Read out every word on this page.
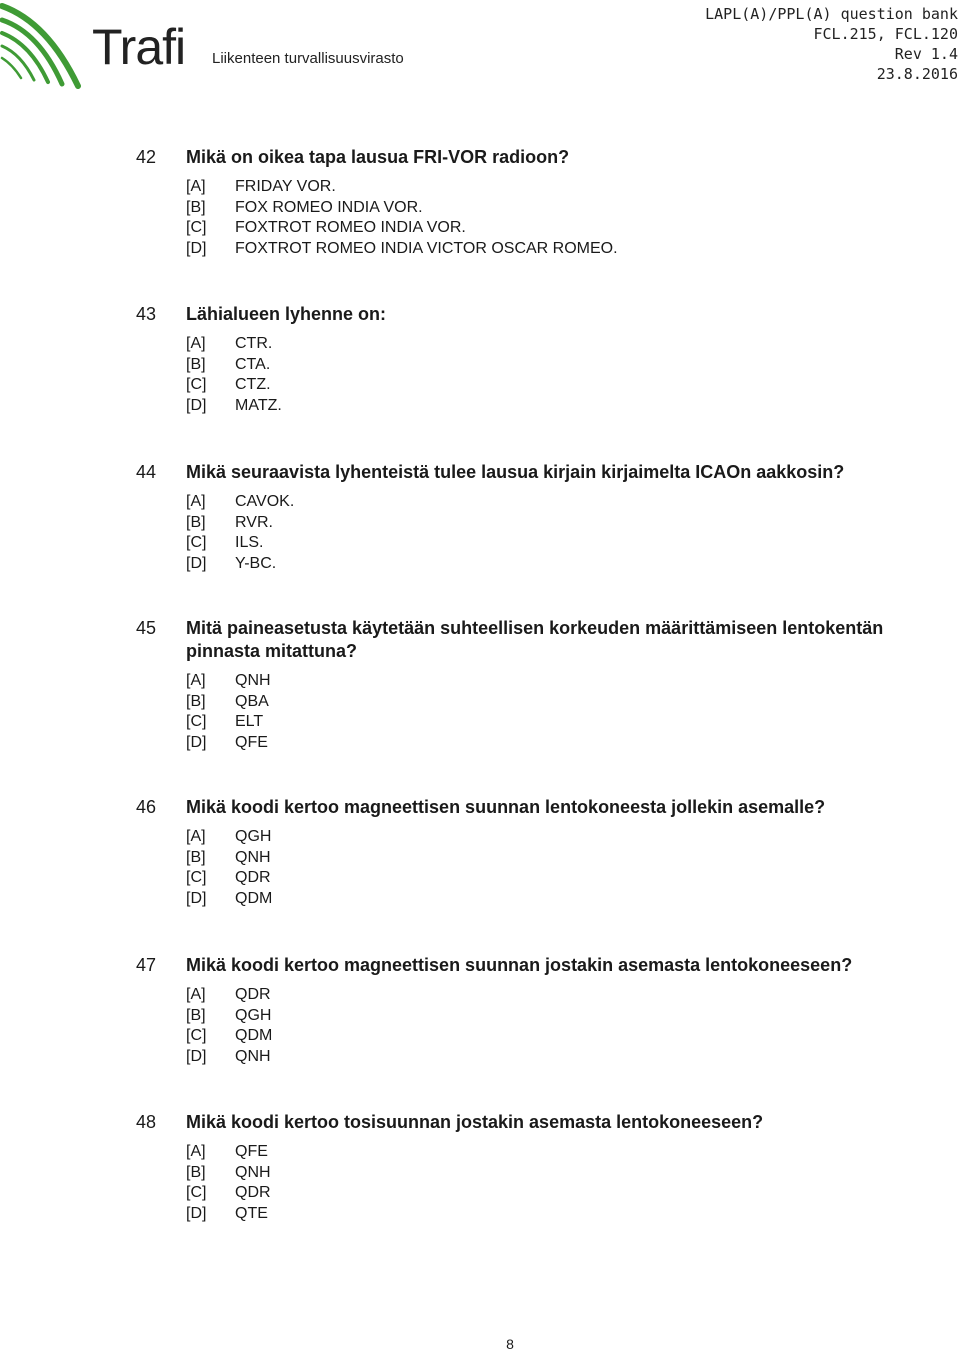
Trafi Liikenteen turvallisuusvirasto
LAPL(A)/PPL(A) question bank
FCL.215, FCL.120
Rev 1.4
23.8.2016
42	Mikä on oikea tapa lausua FRI-VOR radioon?
[A]	FRIDAY VOR.
[B]	FOX ROMEO INDIA VOR.
[C]	FOXTROT ROMEO INDIA VOR.
[D]	FOXTROT ROMEO INDIA VICTOR OSCAR ROMEO.
43	Lähialueen lyhenne on:
[A]	CTR.
[B]	CTA.
[C]	CTZ.
[D]	MATZ.
44	Mikä seuraavista lyhenteistä tulee lausua kirjain kirjaimelta ICAOn aakkosin?
[A]	CAVOK.
[B]	RVR.
[C]	ILS.
[D]	Y-BC.
45	Mitä paineasetusta käytetään suhteellisen korkeuden määrittämiseen lentokentän pinnasta mitattuna?
[A]	QNH
[B]	QBA
[C]	ELT
[D]	QFE
46	Mikä koodi kertoo magneettisen suunnan lentokoneesta jollekin asemalle?
[A]	QGH
[B]	QNH
[C]	QDR
[D]	QDM
47	Mikä koodi kertoo magneettisen suunnan jostakin asemasta lentokoneeseen?
[A]	QDR
[B]	QGH
[C]	QDM
[D]	QNH
48	Mikä koodi kertoo tosisuunnan jostakin asemasta lentokoneeseen?
[A]	QFE
[B]	QNH
[C]	QDR
[D]	QTE
8
